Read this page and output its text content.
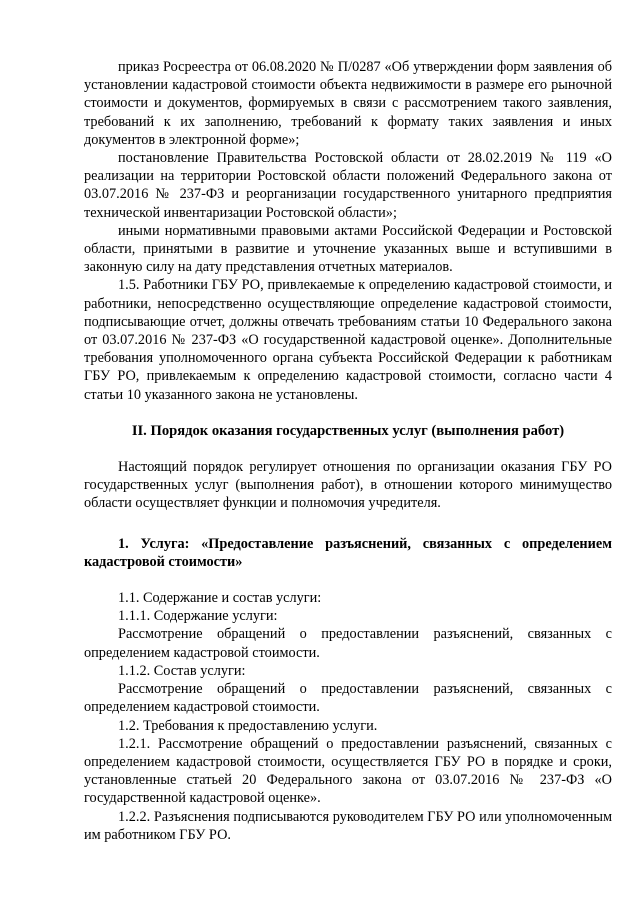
приказ Росреестра от 06.08.2020 № П/0287 «Об утверждении форм заявления об установлении кадастровой стоимости объекта недвижимости в размере его рыночной стоимости и документов, формируемых в связи с рассмотрением такого заявления, требований к их заполнению, требований к формату таких заявления и иных документов в электронной форме»;

постановление Правительства Ростовской области от 28.02.2019 № 119 «О реализации на территории Ростовской области положений Федерального закона от 03.07.2016 № 237-ФЗ и реорганизации государственного унитарного предприятия технической инвентаризации Ростовской области»;

иными нормативными правовыми актами Российской Федерации и Ростовской области, принятыми в развитие и уточнение указанных выше и вступившими в законную силу на дату представления отчетных материалов.

1.5. Работники ГБУ РО, привлекаемые к определению кадастровой стоимости, и работники, непосредственно осуществляющие определение кадастровой стоимости, подписывающие отчет, должны отвечать требованиям статьи 10 Федерального закона от 03.07.2016 № 237-ФЗ «О государственной кадастровой оценке». Дополнительные требования уполномоченного органа субъекта Российской Федерации к работникам ГБУ РО, привлекаемым к определению кадастровой стоимости, согласно части 4 статьи 10 указанного закона не установлены.

II. Порядок оказания государственных услуг (выполнения работ)

Настоящий порядок регулирует отношения по организации оказания ГБУ РО государственных услуг (выполнения работ), в отношении которого минимущество области осуществляет функции и полномочия учредителя.

1. Услуга: «Предоставление разъяснений, связанных с определением кадастровой стоимости»

1.1. Содержание и состав услуги:

1.1.1. Содержание услуги:

Рассмотрение обращений о предоставлении разъяснений, связанных с определением кадастровой стоимости.

1.1.2. Состав услуги:

Рассмотрение обращений о предоставлении разъяснений, связанных с определением кадастровой стоимости.

1.2. Требования к предоставлению услуги.

1.2.1. Рассмотрение обращений о предоставлении разъяснений, связанных с определением кадастровой стоимости, осуществляется ГБУ РО в порядке и сроки, установленные статьей 20 Федерального закона от 03.07.2016 № 237-ФЗ «О государственной кадастровой оценке».

1.2.2. Разъяснения подписываются руководителем ГБУ РО или уполномоченным им работником ГБУ РО.
